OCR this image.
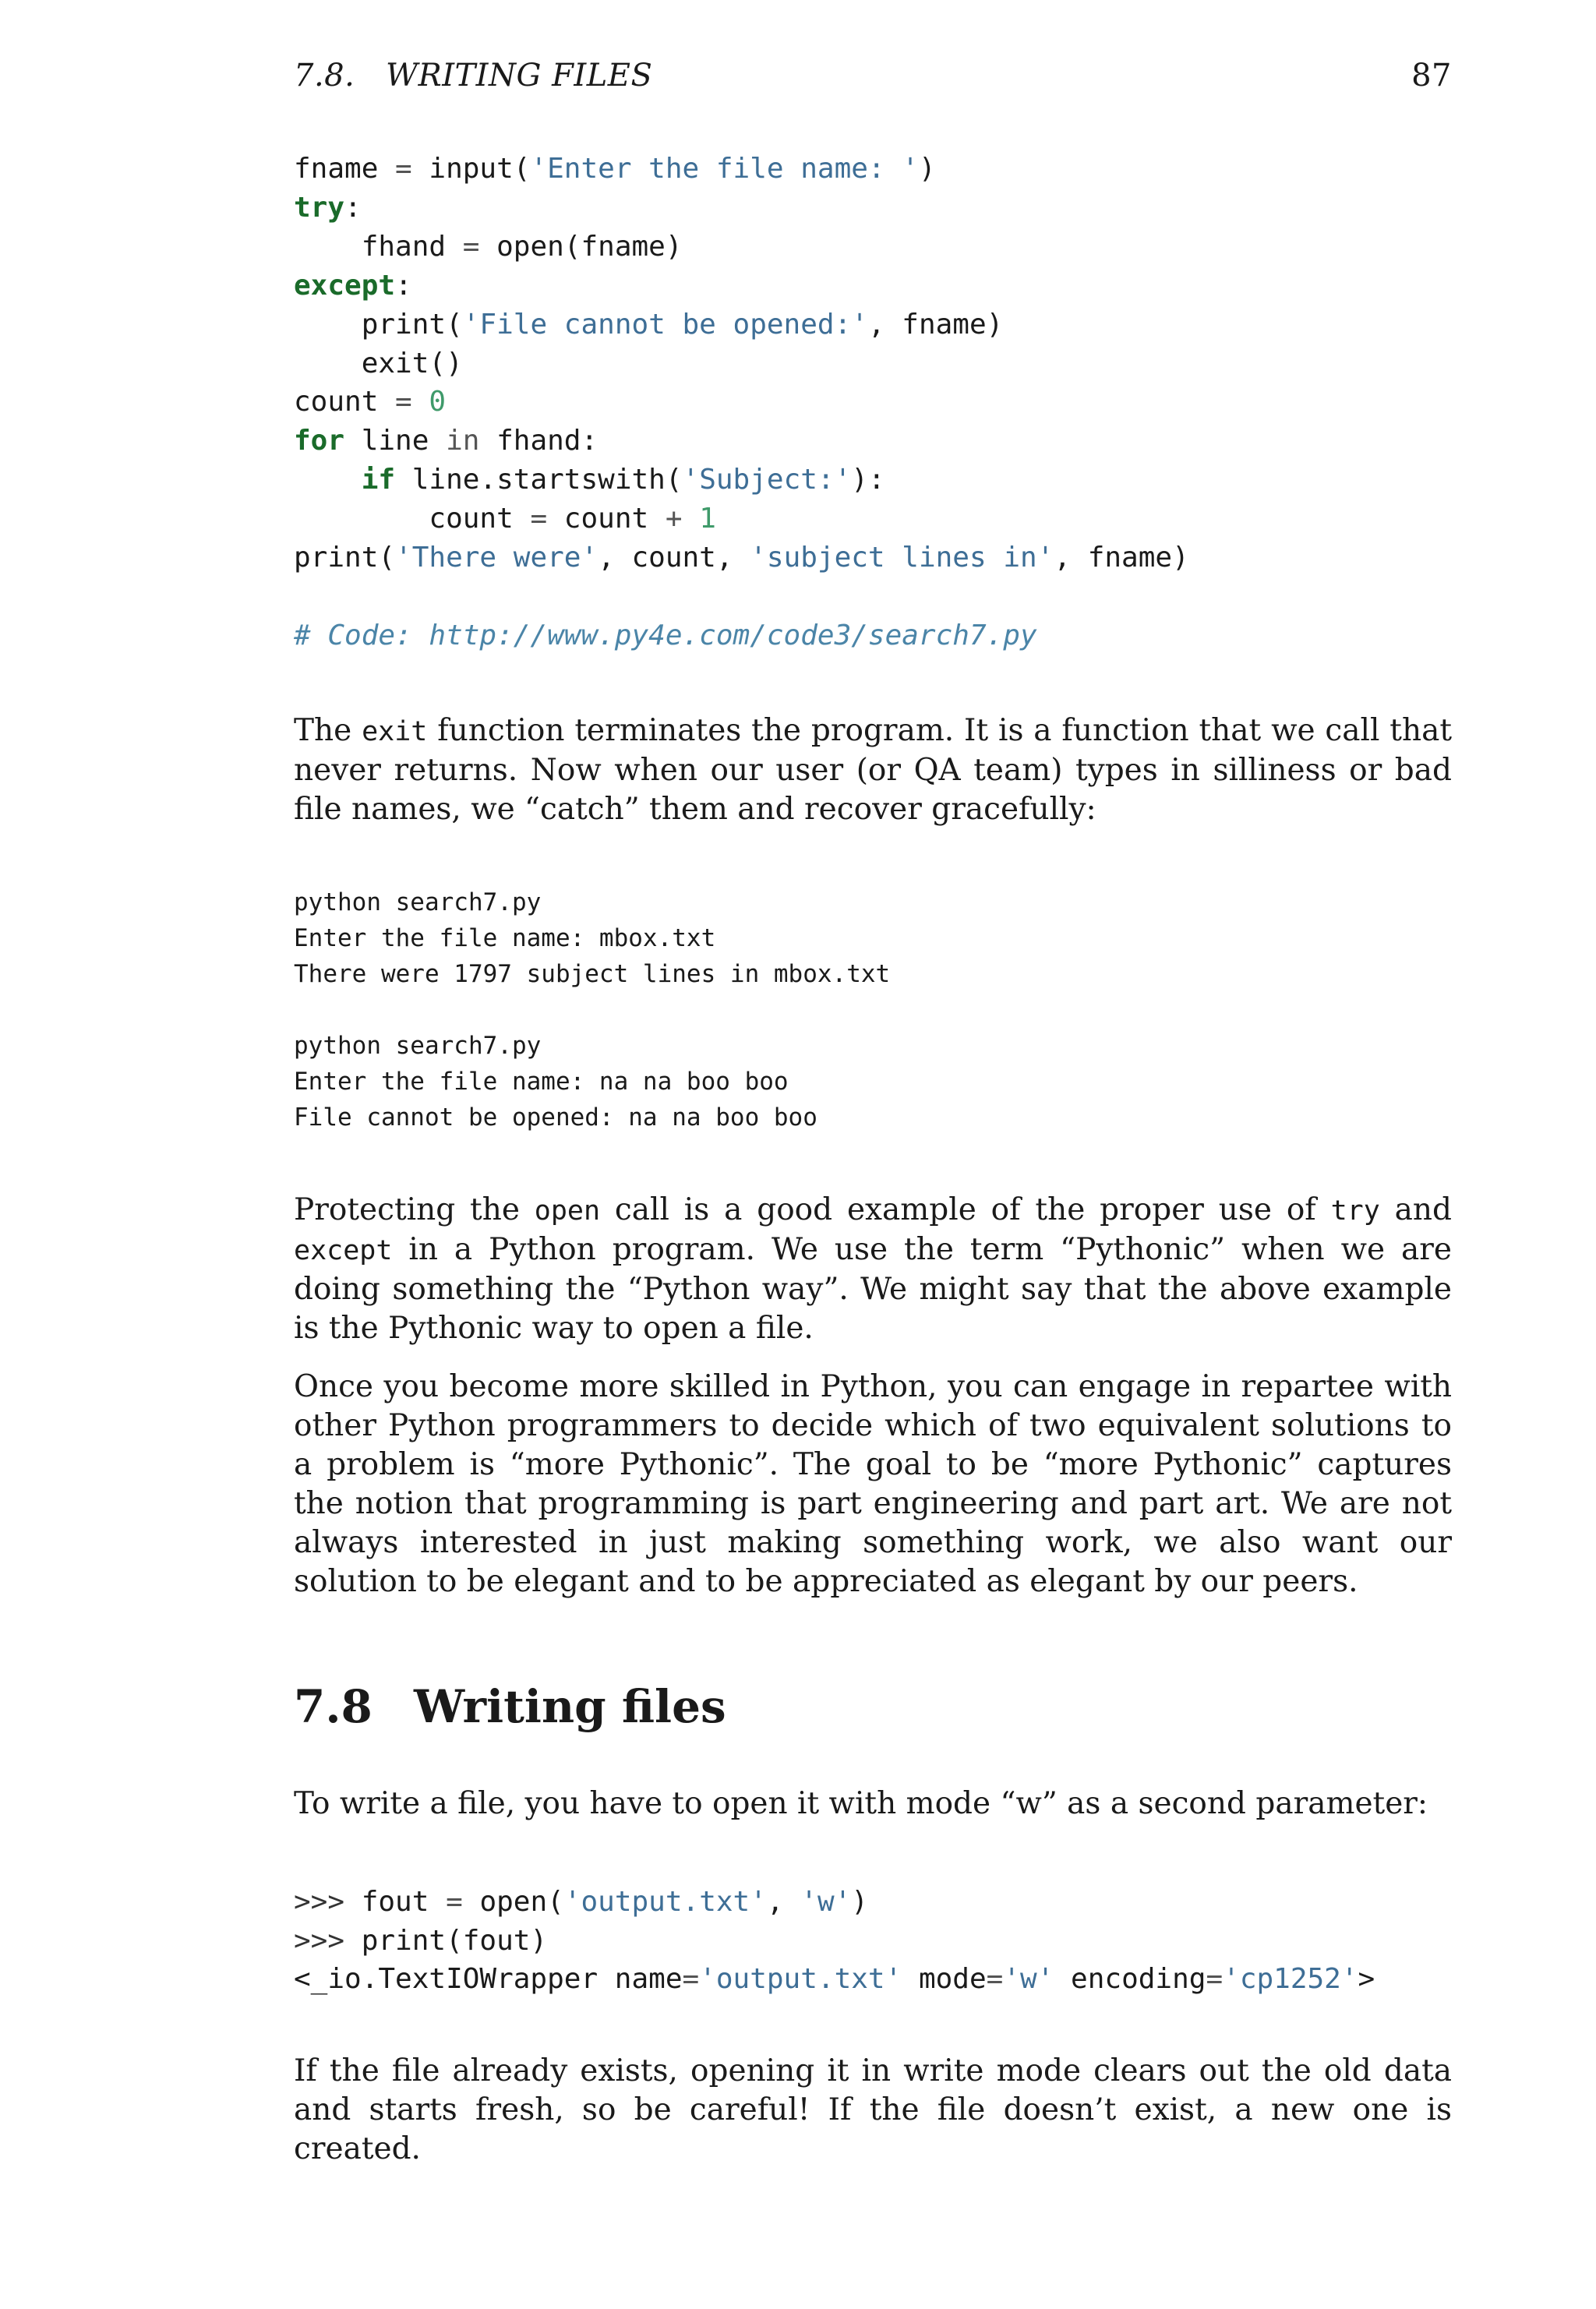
7.8.   WRITING FILES	87
fname = input('Enter the file name: ')
try:
fhand = open(fname)
except:
print('File cannot be opened:', fname)
exit()
count = 0
for line in fhand:
if line.startswith('Subject:'):
count = count + 1
print('There were', count, 'subject lines in', fname)

# Code: http://www.py4e.com/code3/search7.py

The exit function terminates the program. It is a function that we call that never returns. Now when our user (or QA team) types in silliness or bad file names, we “catch” them and recover gracefully:

python search7.py
Enter the file name: mbox.txt
There were 1797 subject lines in mbox.txt
python search7.py
Enter the file name: na na boo boo
File cannot be opened: na na boo boo

Protecting the open call is a good example of the proper use of try and except in a Python program. We use the term “Pythonic” when we are doing something the “Python way”. We might say that the above example is the Pythonic way to open a file.

Once you become more skilled in Python, you can engage in repartee with other Python programmers to decide which of two equivalent solutions to a problem is “more Pythonic”. The goal to be “more Pythonic” captures the notion that programming is part engineering and part art. We are not always interested in just making something work, we also want our solution to be elegant and to be appreciated as elegant by our peers.

7.8 Writing files

To write a file, you have to open it with mode “w” as a second parameter:

>>> fout = open('output.txt', 'w')
>>> print(fout)
<_io.TextIOWrapper name='output.txt' mode='w' encoding='cp1252'>

If the file already exists, opening it in write mode clears out the old data and starts fresh, so be careful! If the file doesn’t exist, a new one is created.
